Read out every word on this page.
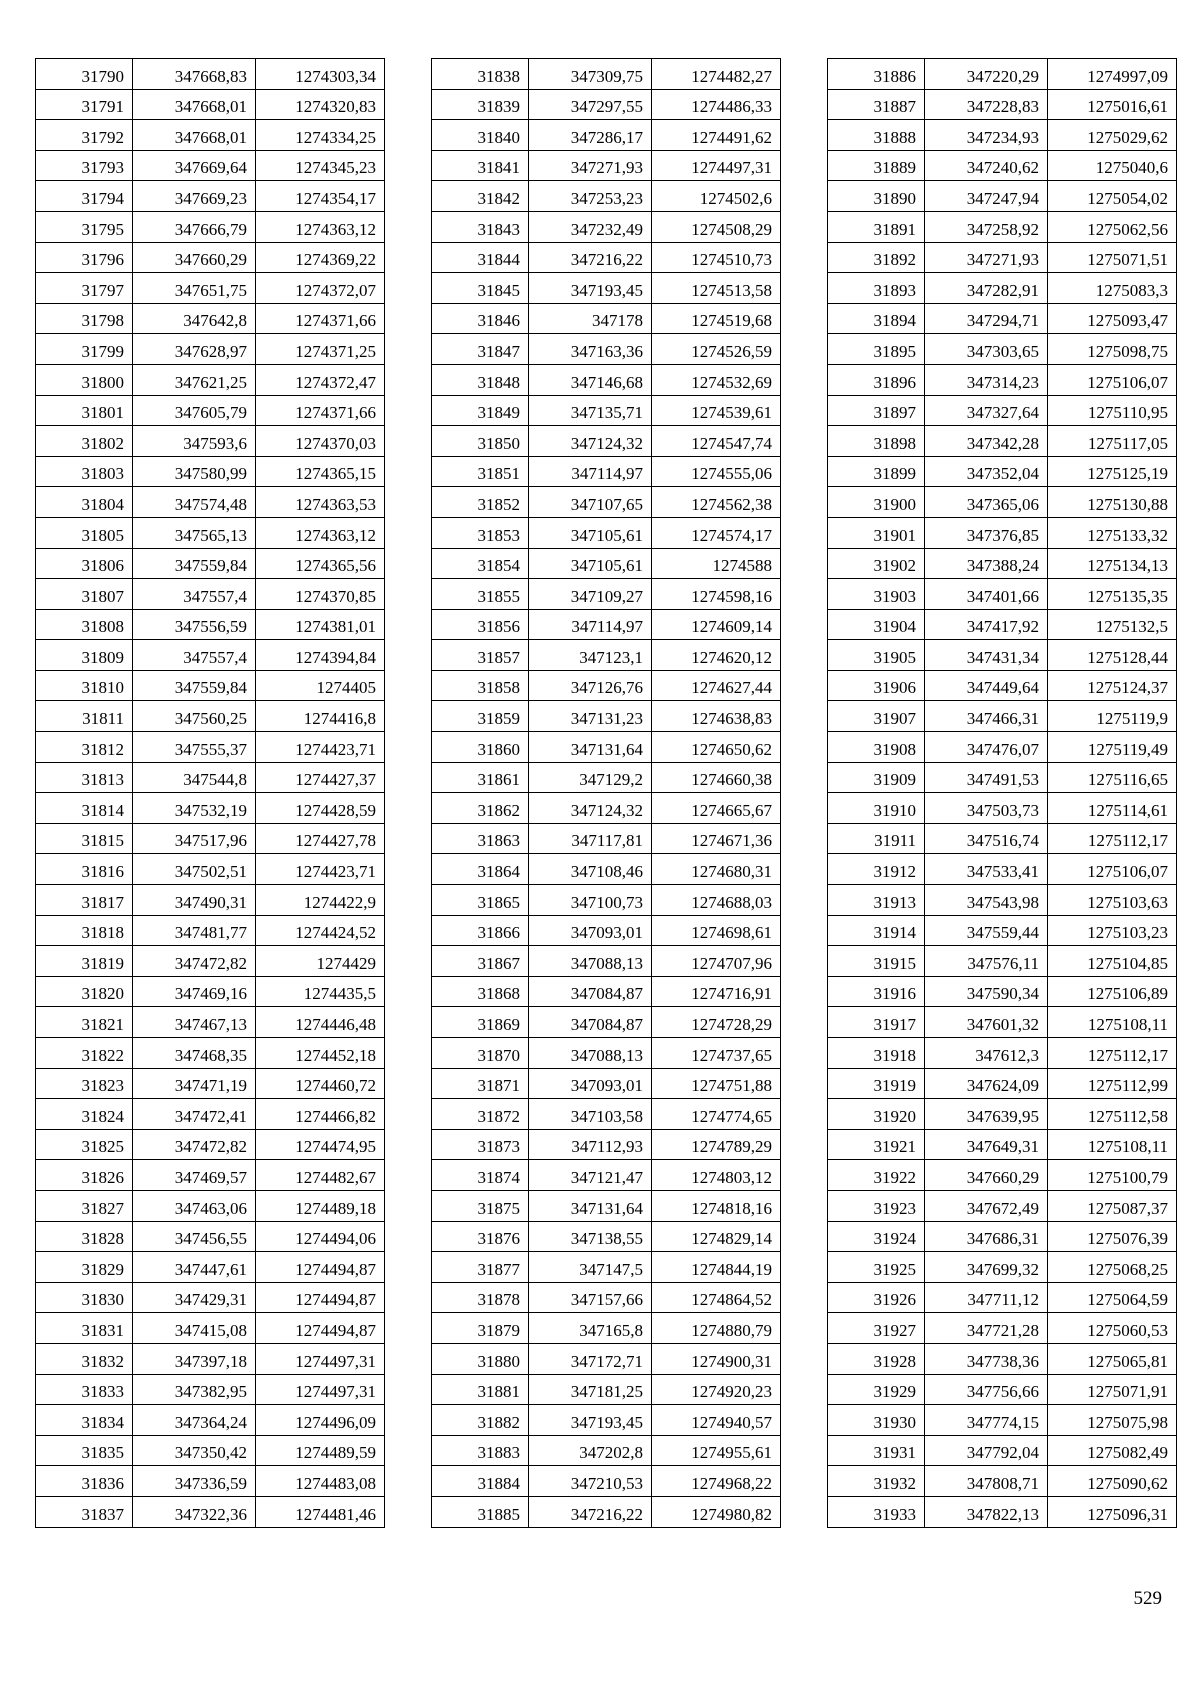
31790	347668,83	1274303,34
31791	347668,01	1274320,83
31792	347668,01	1274334,25
31793	347669,64	1274345,23
31794	347669,23	1274354,17
31795	347666,79	1274363,12
31796	347660,29	1274369,22
31797	347651,75	1274372,07
31798	347642,8	1274371,66
31799	347628,97	1274371,25
31800	347621,25	1274372,47
31801	347605,79	1274371,66
31802	347593,6	1274370,03
31803	347580,99	1274365,15
31804	347574,48	1274363,53
31805	347565,13	1274363,12
31806	347559,84	1274365,56
31807	347557,4	1274370,85
31808	347556,59	1274381,01
31809	347557,4	1274394,84
31810	347559,84	1274405
31811	347560,25	1274416,8
31812	347555,37	1274423,71
31813	347544,8	1274427,37
31814	347532,19	1274428,59
31815	347517,96	1274427,78
31816	347502,51	1274423,71
31817	347490,31	1274422,9
31818	347481,77	1274424,52
31819	347472,82	1274429
31820	347469,16	1274435,5
31821	347467,13	1274446,48
31822	347468,35	1274452,18
31823	347471,19	1274460,72
31824	347472,41	1274466,82
31825	347472,82	1274474,95
31826	347469,57	1274482,67
31827	347463,06	1274489,18
31828	347456,55	1274494,06
31829	347447,61	1274494,87
31830	347429,31	1274494,87
31831	347415,08	1274494,87
31832	347397,18	1274497,31
31833	347382,95	1274497,31
31834	347364,24	1274496,09
31835	347350,42	1274489,59
31836	347336,59	1274483,08
31837	347322,36	1274481,46
31838	347309,75	1274482,27
31839	347297,55	1274486,33
31840	347286,17	1274491,62
31841	347271,93	1274497,31
31842	347253,23	1274502,6
31843	347232,49	1274508,29
31844	347216,22	1274510,73
31845	347193,45	1274513,58
31846	347178	1274519,68
31847	347163,36	1274526,59
31848	347146,68	1274532,69
31849	347135,71	1274539,61
31850	347124,32	1274547,74
31851	347114,97	1274555,06
31852	347107,65	1274562,38
31853	347105,61	1274574,17
31854	347105,61	1274588
31855	347109,27	1274598,16
31856	347114,97	1274609,14
31857	347123,1	1274620,12
31858	347126,76	1274627,44
31859	347131,23	1274638,83
31860	347131,64	1274650,62
31861	347129,2	1274660,38
31862	347124,32	1274665,67
31863	347117,81	1274671,36
31864	347108,46	1274680,31
31865	347100,73	1274688,03
31866	347093,01	1274698,61
31867	347088,13	1274707,96
31868	347084,87	1274716,91
31869	347084,87	1274728,29
31870	347088,13	1274737,65
31871	347093,01	1274751,88
31872	347103,58	1274774,65
31873	347112,93	1274789,29
31874	347121,47	1274803,12
31875	347131,64	1274818,16
31876	347138,55	1274829,14
31877	347147,5	1274844,19
31878	347157,66	1274864,52
31879	347165,8	1274880,79
31880	347172,71	1274900,31
31881	347181,25	1274920,23
31882	347193,45	1274940,57
31883	347202,8	1274955,61
31884	347210,53	1274968,22
31885	347216,22	1274980,82
31886	347220,29	1274997,09
31887	347228,83	1275016,61
31888	347234,93	1275029,62
31889	347240,62	1275040,6
31890	347247,94	1275054,02
31891	347258,92	1275062,56
31892	347271,93	1275071,51
31893	347282,91	1275083,3
31894	347294,71	1275093,47
31895	347303,65	1275098,75
31896	347314,23	1275106,07
31897	347327,64	1275110,95
31898	347342,28	1275117,05
31899	347352,04	1275125,19
31900	347365,06	1275130,88
31901	347376,85	1275133,32
31902	347388,24	1275134,13
31903	347401,66	1275135,35
31904	347417,92	1275132,5
31905	347431,34	1275128,44
31906	347449,64	1275124,37
31907	347466,31	1275119,9
31908	347476,07	1275119,49
31909	347491,53	1275116,65
31910	347503,73	1275114,61
31911	347516,74	1275112,17
31912	347533,41	1275106,07
31913	347543,98	1275103,63
31914	347559,44	1275103,23
31915	347576,11	1275104,85
31916	347590,34	1275106,89
31917	347601,32	1275108,11
31918	347612,3	1275112,17
31919	347624,09	1275112,99
31920	347639,95	1275112,58
31921	347649,31	1275108,11
31922	347660,29	1275100,79
31923	347672,49	1275087,37
31924	347686,31	1275076,39
31925	347699,32	1275068,25
31926	347711,12	1275064,59
31927	347721,28	1275060,53
31928	347738,36	1275065,81
31929	347756,66	1275071,91
31930	347774,15	1275075,98
31931	347792,04	1275082,49
31932	347808,71	1275090,62
31933	347822,13	1275096,31
529
